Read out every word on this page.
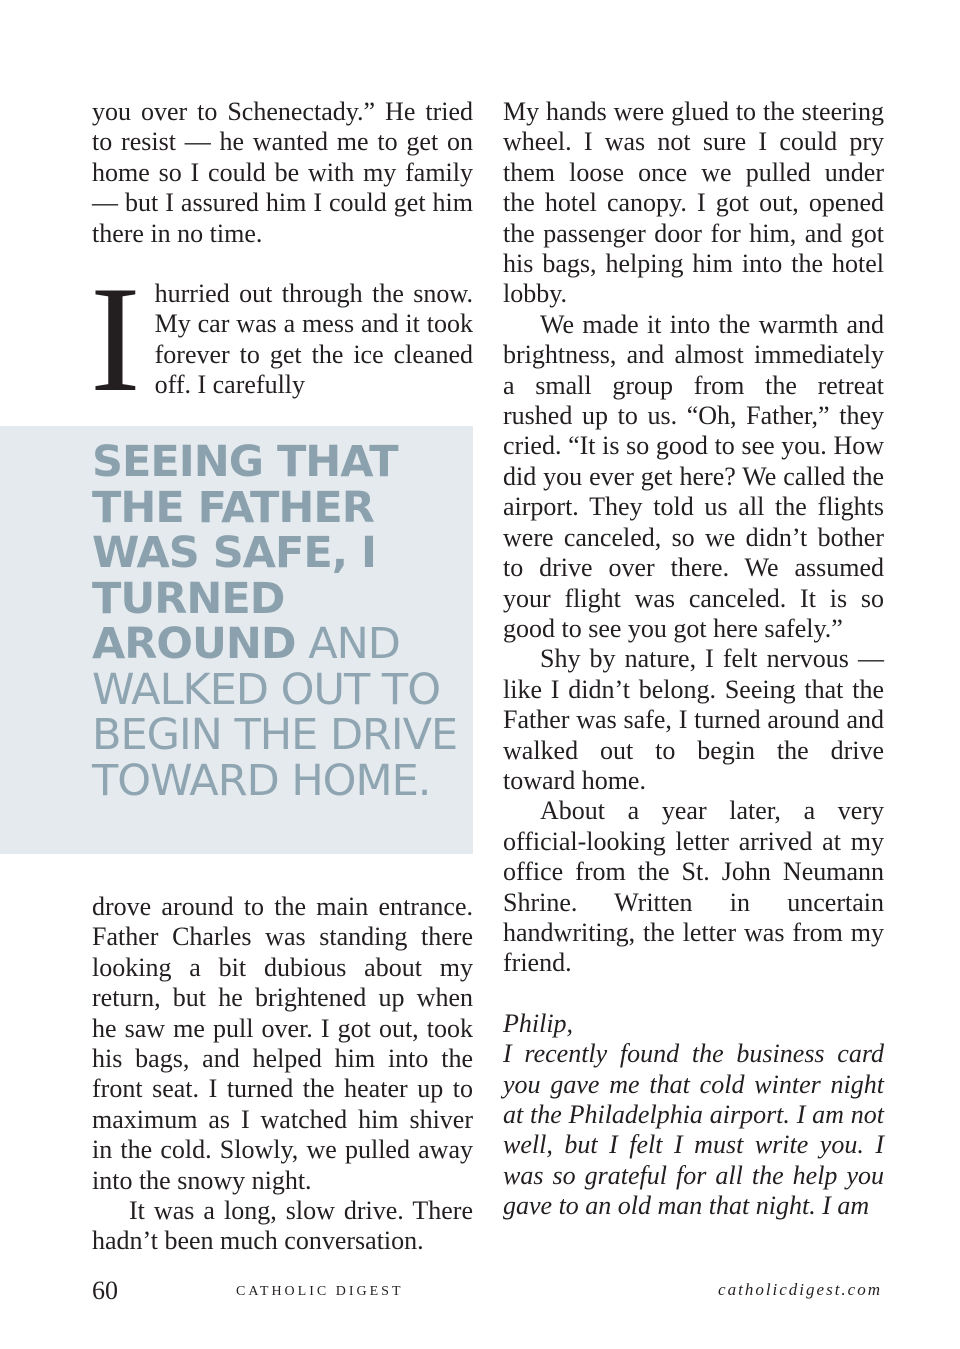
you over to Schenectady.” He tried to resist — he wanted me to get on home so I could be with my family — but I assured him I could get him there in no time.

I hurried out through the snow. My car was a mess and it took forever to get the ice cleaned off. I carefully

SEEING THAT THE FATHER WAS SAFE, I TURNED AROUND AND WALKED OUT TO BEGIN THE DRIVE TOWARD HOME.

drove around to the main entrance. Father Charles was standing there looking a bit dubious about my return, but he brightened up when he saw me pull over. I got out, took his bags, and helped him into the front seat. I turned the heater up to maximum as I watched him shiver in the cold. Slowly, we pulled away into the snowy night.

It was a long, slow drive. There hadn’t been much conversation.

My hands were glued to the steering wheel. I was not sure I could pry them loose once we pulled under the hotel canopy. I got out, opened the passenger door for him, and got his bags, helping him into the hotel lobby.

We made it into the warmth and brightness, and almost immediately a small group from the retreat rushed up to us. “Oh, Father,” they cried. “It is so good to see you. How did you ever get here? We called the airport. They told us all the flights were canceled, so we didn’t bother to drive over there. We assumed your flight was canceled. It is so good to see you got here safely.”

Shy by nature, I felt nervous — like I didn’t belong. Seeing that the Father was safe, I turned around and walked out to begin the drive toward home.

About a year later, a very official-looking letter arrived at my office from the St. John Neumann Shrine. Written in uncertain handwriting, the letter was from my friend.

Philip,

I recently found the business card you gave me that cold winter night at the Philadelphia airport. I am not well, but I felt I must write you. I was so grateful for all the help you gave to an old man that night. I am

60	CATHOLIC DIGEST	catholicdigest.com
